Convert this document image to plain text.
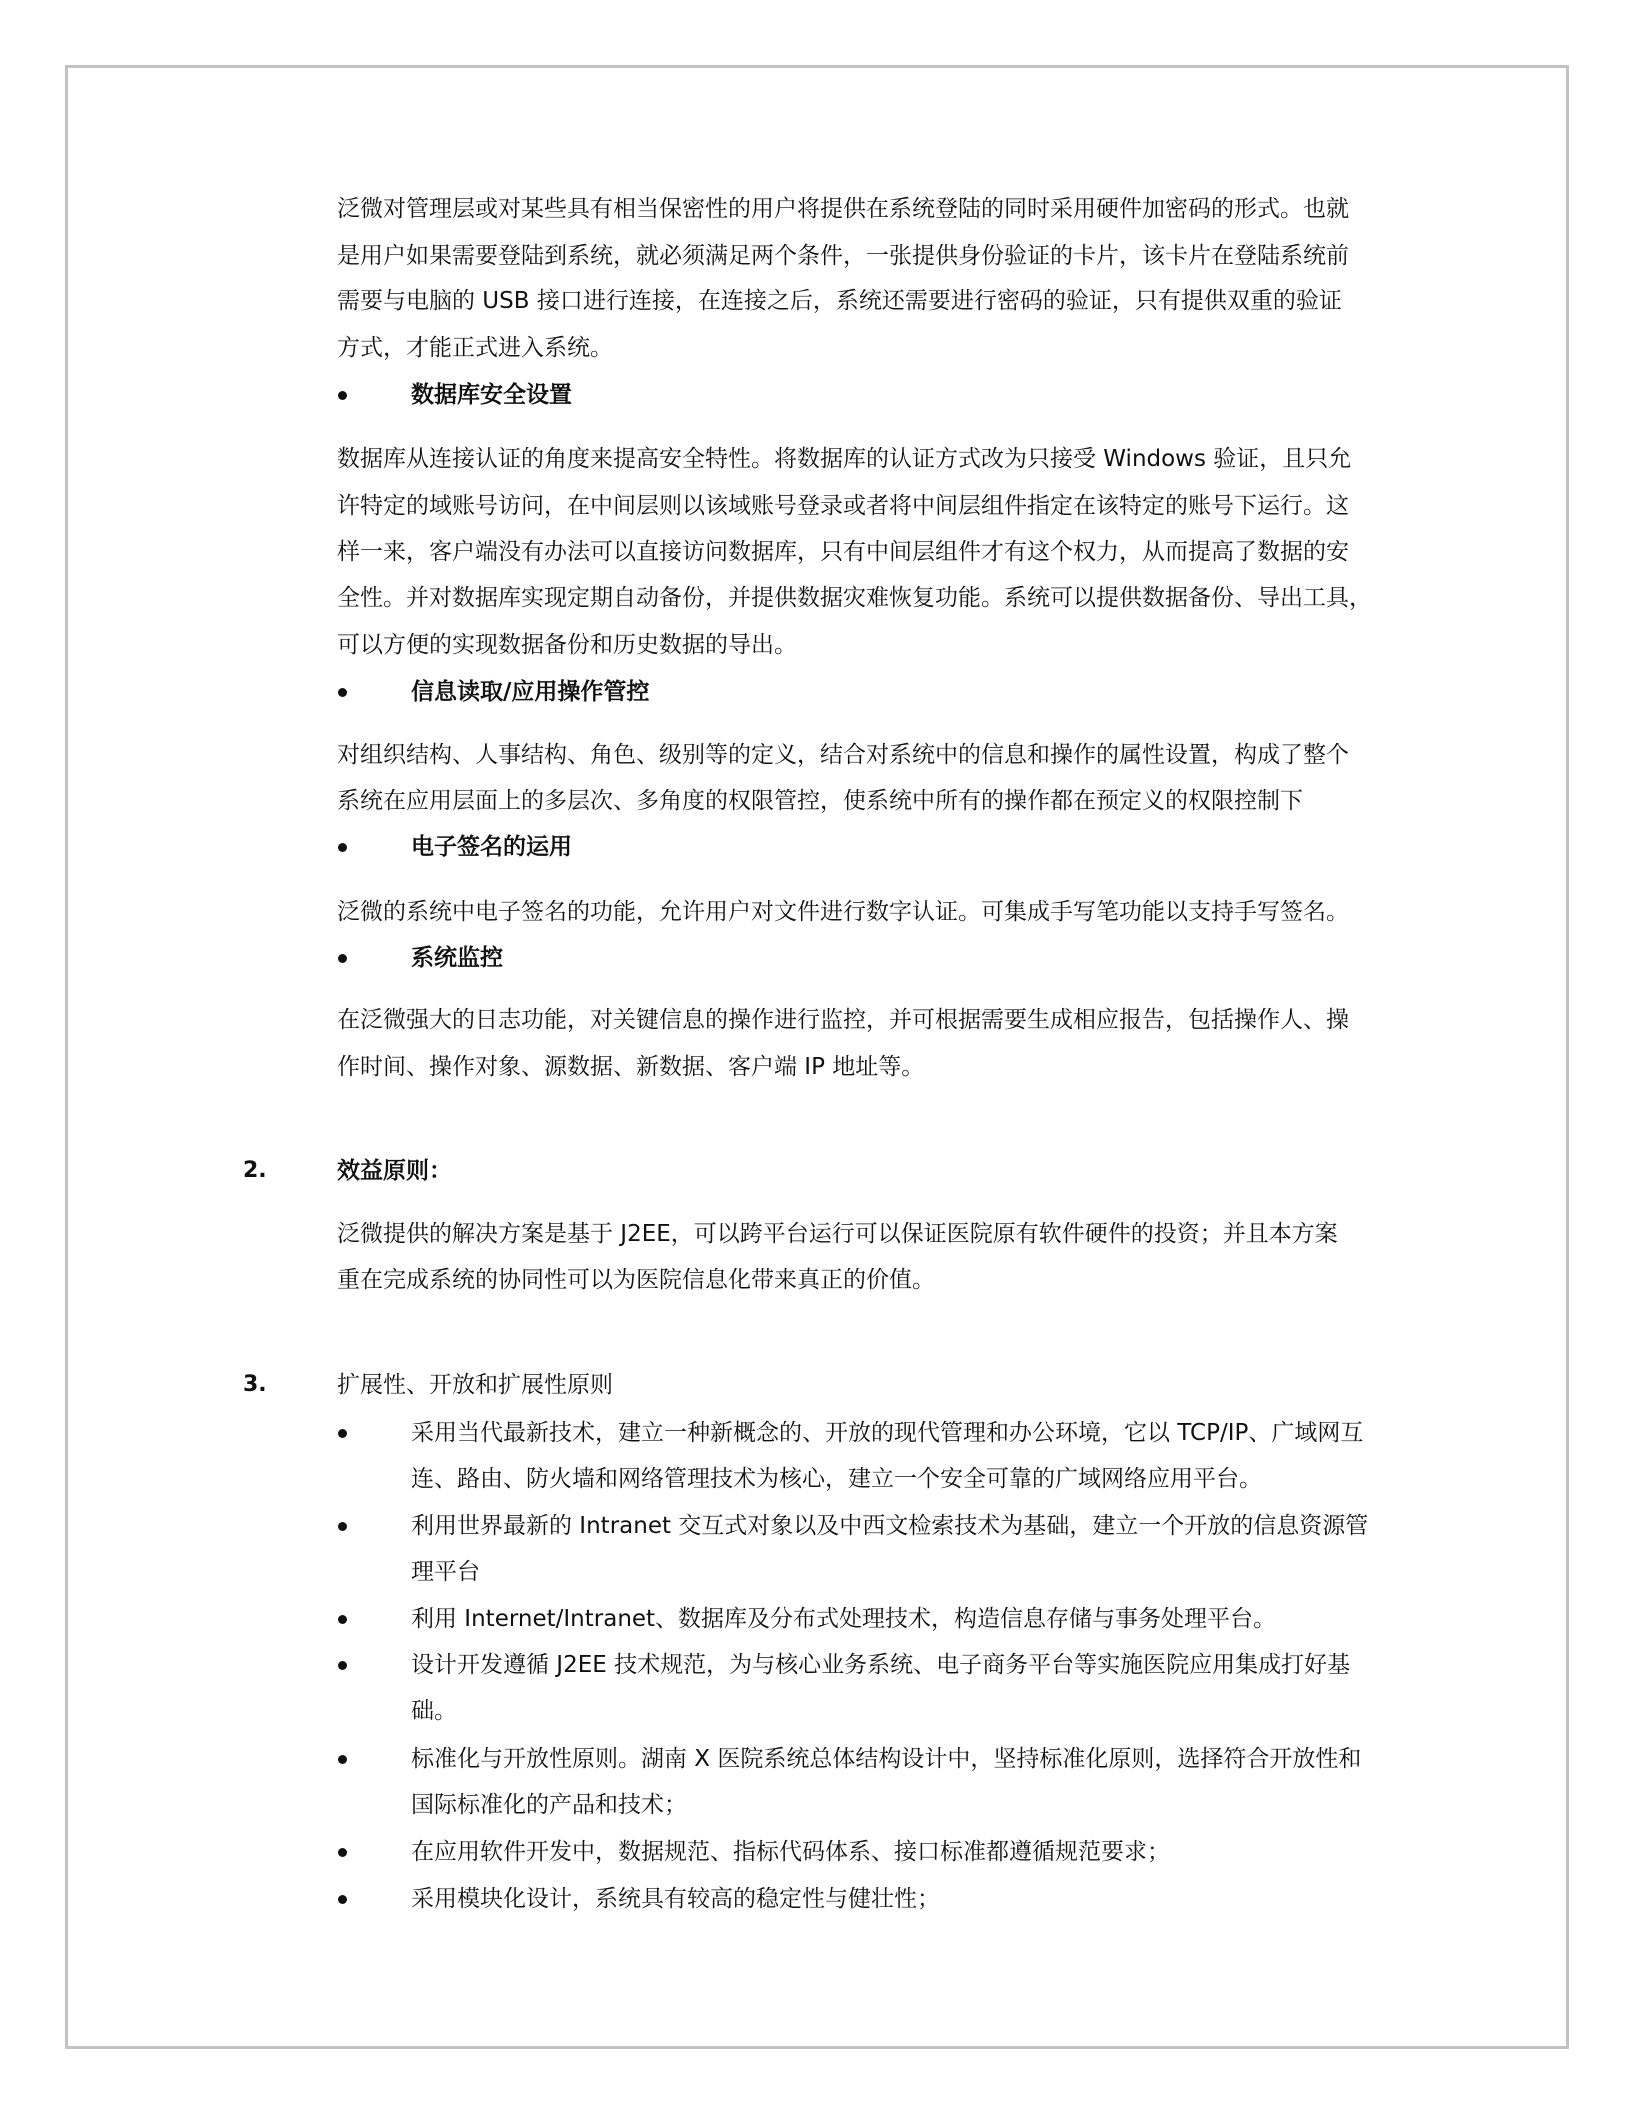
泛微对管理层或对某些具有相当保密性的用户将提供在系统登陆的同时采用硬件加密码的形式。也就
是用户如果需要登陆到系统，就必须满足两个条件，一张提供身份验证的卡片，该卡片在登陆系统前
需要与电脑的 USB 接口进行连接，在连接之后，系统还需要进行密码的验证，只有提供双重的验证
方式，才能正式进入系统。
数据库安全设置
数据库从连接认证的角度来提高安全特性。将数据库的认证方式改为只接受 Windows 验证，且只允
许特定的域账号访问，在中间层则以该域账号登录或者将中间层组件指定在该特定的账号下运行。这
样一来，客户端没有办法可以直接访问数据库，只有中间层组件才有这个权力，从而提高了数据的安
全性。并对数据库实现定期自动备份，并提供数据灾难恢复功能。系统可以提供数据备份、导出工具，
可以方便的实现数据备份和历史数据的导出。
信息读取/应用操作管控
对组织结构、人事结构、角色、级别等的定义，结合对系统中的信息和操作的属性设置，构成了整个
系统在应用层面上的多层次、多角度的权限管控，使系统中所有的操作都在预定义的权限控制下
电子签名的运用
泛微的系统中电子签名的功能，允许用户对文件进行数字认证。可集成手写笔功能以支持手写签名。
系统监控
在泛微强大的日志功能，对关键信息的操作进行监控，并可根据需要生成相应报告，包括操作人、操
作时间、操作对象、源数据、新数据、客户端 IP 地址等。
2.	效益原则：
泛微提供的解决方案是基于 J2EE，可以跨平台运行可以保证医院原有软件硬件的投资；并且本方案
重在完成系统的协同性可以为医院信息化带来真正的价值。
3.	扩展性、开放和扩展性原则
采用当代最新技术，建立一种新概念的、开放的现代管理和办公环境，它以 TCP/IP、广域网互
连、路由、防火墙和网络管理技术为核心，建立一个安全可靠的广域网络应用平台。
利用世界最新的 Intranet 交互式对象以及中西文检索技术为基础，建立一个开放的信息资源管
理平台
利用 Internet/Intranet、数据库及分布式处理技术，构造信息存储与事务处理平台。
设计开发遵循 J2EE 技术规范，为与核心业务系统、电子商务平台等实施医院应用集成打好基
础。
标准化与开放性原则。湖南 X 医院系统总体结构设计中，坚持标准化原则，选择符合开放性和
国际标准化的产品和技术；
在应用软件开发中，数据规范、指标代码体系、接口标准都遵循规范要求；
采用模块化设计，系统具有较高的稳定性与健壮性；
